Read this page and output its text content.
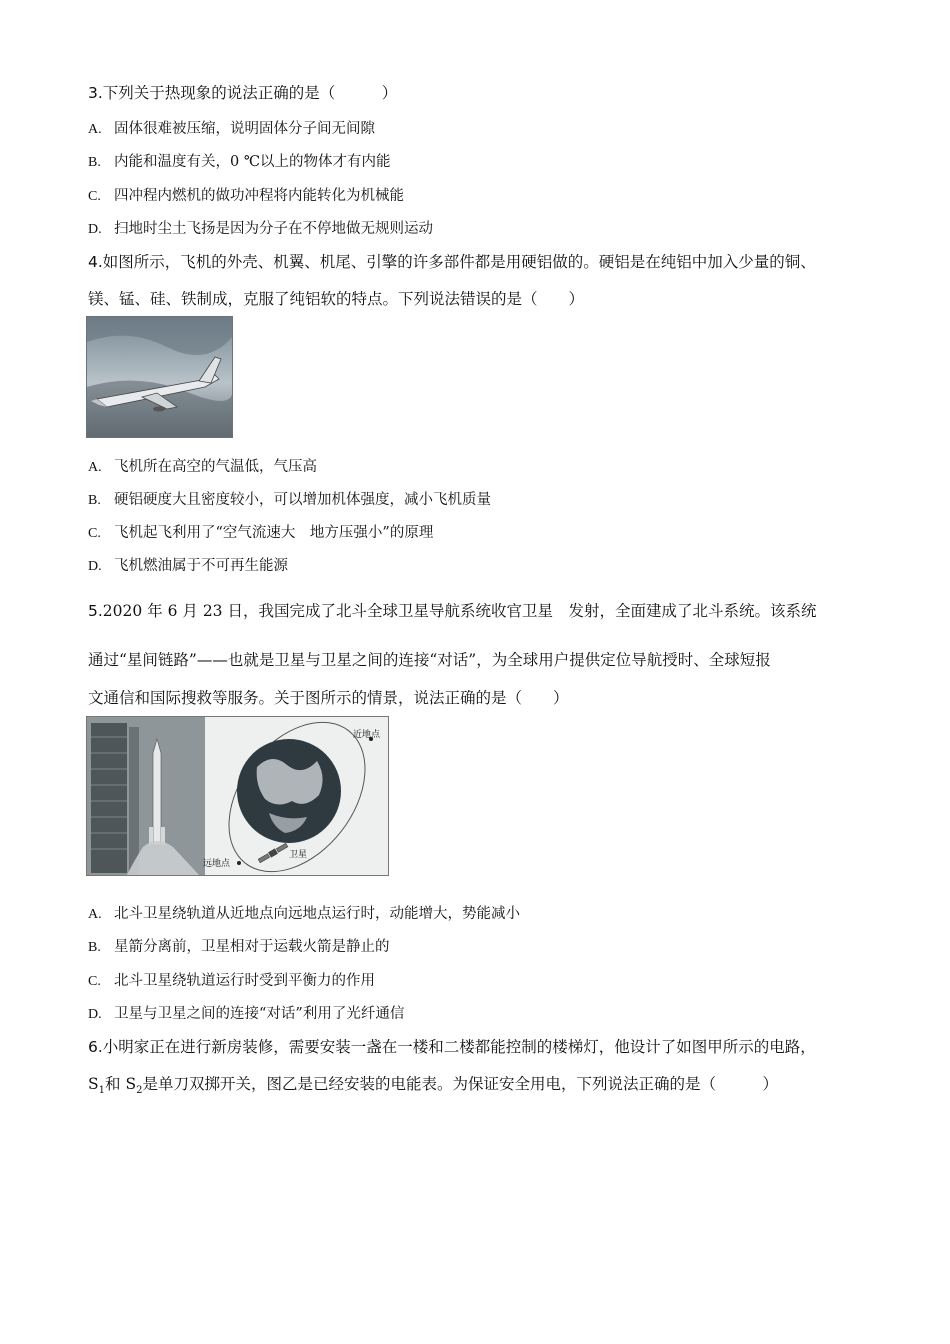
3.下列关于热现象的说法正确的是（　　　）
A. 固体很难被压缩，说明固体分子间无间隙
B. 内能和温度有关，0 ℃以上的物体才有内能
C. 四冲程内燃机的做功冲程将内能转化为机械能
D. 扫地时尘土飞扬是因为分子在不停地做无规则运动
4.如图所示，飞机的外壳、机翼、机尾、引擎的许多部件都是用硬铝做的。硬铝是在纯铝中加入少量的铜、
镁、锰、硅、铁制成，克服了纯铝软的特点。下列说法错误的是（　　）
A. 飞机所在高空的气温低，气压高
B. 硬铝硬度大且密度较小，可以增加机体强度，减小飞机质量
C. 飞机起飞利用了“空气流速大　地方压强小”的原理
D. 飞机燃油属于不可再生能源
5.2020 年 6 月 23 日，我国完成了北斗全球卫星导航系统收官卫星　发射，全面建成了北斗系统。该系统
通过“星间链路”——也就是卫星与卫星之间的连接“对话”，为全球用户提供定位导航授时、全球短报
文通信和国际搜救等服务。关于图所示的情景，说法正确的是（　　）
近地点
远地点
卫星
A. 北斗卫星绕轨道从近地点向远地点运行时，动能增大，势能减小
B. 星箭分离前，卫星相对于运载火箭是静止的
C. 北斗卫星绕轨道运行时受到平衡力的作用
D. 卫星与卫星之间的连接“对话”利用了光纤通信
6.小明家正在进行新房装修，需要安装一盏在一楼和二楼都能控制的楼梯灯，他设计了如图甲所示的电路，
$S_1$和 $S_2$是单刀双掷开关，图乙是已经安装的电能表。为保证安全用电，下列说法正确的是（　　　）
